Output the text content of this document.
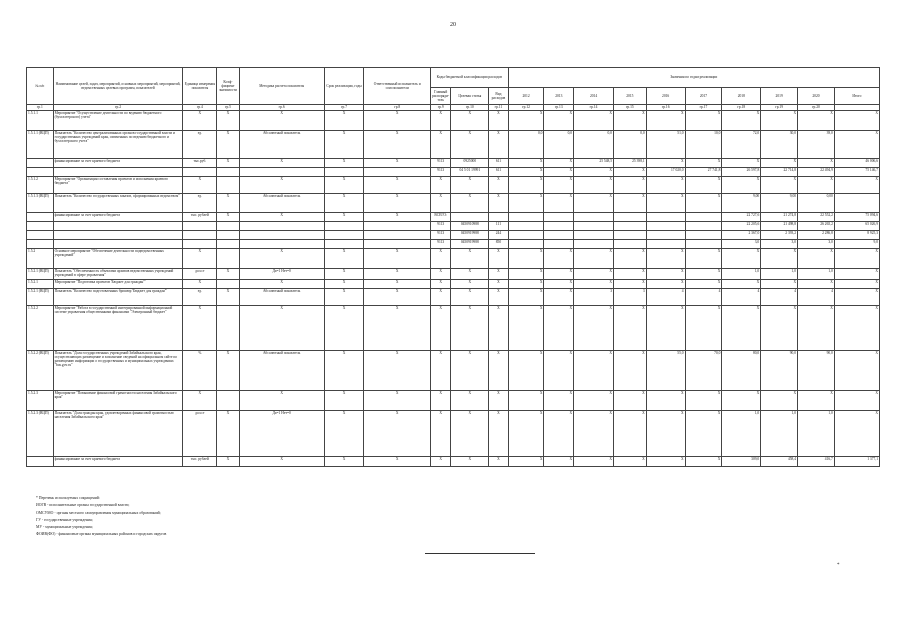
20
№ п/п	Наименование целей, задач, мероприятий, основных мероприятий, мероприятий, ведомственных целевых программ, показателей	Единица измерения показателя	Коэф-фициент значимости	Методика расчета показателя	Срок реализации, годы	Ответственный исполнитель и соисполнители	Коды бюджетной классификации расходов			Значения по годам реализации									
							Главный распорядитель	Целевая статья	Вид расходов	2012	2013	2014	2015	2016	2017	2018	2019	2020	Итого
гр.1	гр.2	гр.4	гр.5	гр.6	гр.7	гр.8	гр.9	гр.10	гр.11	гр.12	гр.13	гр.14	гр.15	гр.16	гр.17	гр.18	гр.19	гр.20	
1.5.1.1	Мероприятие "Осуществление деятельности по ведению бюджетного (бухгалтерского) учета"	X	X	X	X	X	X	X	X	X	X	X	X	X	X	X	X	X	X
1.5.1.1 (ВЦП)	Показатель "Количество централизованных органов государственной власти и государственных учреждений края, охваченных по ведению бюджетного и бухгалтерского учета"	ед.	X	Абсолютный показатель	X	X	X	X	X	0,0	0,0	0,0	0,0	51,0	10,0	72,0	30,0	39,0	X
	финансирование за счет краевого бюджета	тыс.руб.	X	X	X	X	9113	0925000	611	X	X	25 548,5	25 398,1	X	X	X	X	X	46 006,6
							9113	04 5 01 19991	611	X	X	X	X	17 020,0	27 741,8	26 597,8	22 714,8	22 494,9	75 146,7
1.5.1.2	Мероприятие "Организация составления проектов и исполнения краевого бюджета"	X		X	X	X	X	X	X	X	X	X	X	X	X	X	X	X	X
1.5.1.3 (ВЦП)	Показатель "Количество государственных заказов, сформированных ведомством"	ед.	X	Абсолютный показатель	X	X	X	X	X	X	X	X	X	X	X	9,00	9,00	0,00	
	финансирование за счет краевого бюджета	тыс. рублей	X	X	X	X	ВСЕГО:									22 727,6	21 274,8	22 552,2	75 094,6
							9113	0450910988	111							22 205,6	21 498,8	26 265,2	65 026,9
							9113	0450919988	244							2 367,0	2 393,2	2 286,8	8 925,3
							9113	0450919988	850							3,0	3,0	3,0	9,0
1.5.2	Основное мероприятие "Обеспечение деятельности подведомственных учреждений"	X		X	X	X	X	X	X	X	X	X	X	X	X	X	X	X	X
1.5.2.1 (ВЦП)	Показатель "Обеспеченность объектами архивов ведомственных учреждений учреждений в сфере управления"	дол.ст	X	Да=1 Нет=0	X	X	X	X	X	X	X	X	X	X	X	1,0	1,0	1,0	X
1.5.2.1	Мероприятие "Подготовка проектов 'Бюджет для граждан'"	X		X	X	X	X	X	X	X	X	X	X	X	X	X	X	X	X
1.5.2.1 (ВЦП)	Показатель "Количество подготовленных брошюр 'Бюджет для граждан'"	ед.	X	Абсолютный показатель	X	X	X	X	X	X	X	3	3	4	4	4	4	4	X
1.5.2.2	Мероприятие "Работа в государственной интегрированной информационной системе управления общественными финансами "Электронный бюджет"	X		X	X	X	X	X	X	X	X	X	X	X	X	X	X	X	X
1.5.2.2 (ВЦП)	Показатель "Доля государственных учреждений Забайкальского края, осуществляющих размещение и заполнение сведений на официальном сайте по размещению информации о государственных и муниципальных учреждениях "bus.gov.ru"	%	X	Абсолютный показатель	X	X	X	X	X	X	X	X	X	55,0	70,0	80,0	90,0	90,0	X
1.5.2.3	Мероприятие "Повышение финансовой грамотности населения Забайкальского края"	X		X	X	X	X	X	X	X	X	X	X	X	X	X	X	X	X
1.5.2.3 (ВЦП)	Показатель "Доля граждан края, удовлетворенных финансовой грамотностью населения Забайкальского края"	дол.ст	X	Да=1 Нет=0	X	X	X	X	X	X	X	X	X	X	X	1,0	1,0	1,0	X
	финансирование за счет краевого бюджета	тыс. рублей	X	X	X	X	X	X	X	X	X	X	X	X	X	309,0	458,4	416,7	1 377,1
* Перечень используемых сокращений:
ИОГВ - исполнительные органы государственной власти;
ОМСУМО - органы местного самоуправления муниципальных образований;
ГУ - государственные учреждения;
МУ - муниципальные учреждения;
ФОИВ(ФО) - финансовые органы муниципальных районов и городских округов
*
